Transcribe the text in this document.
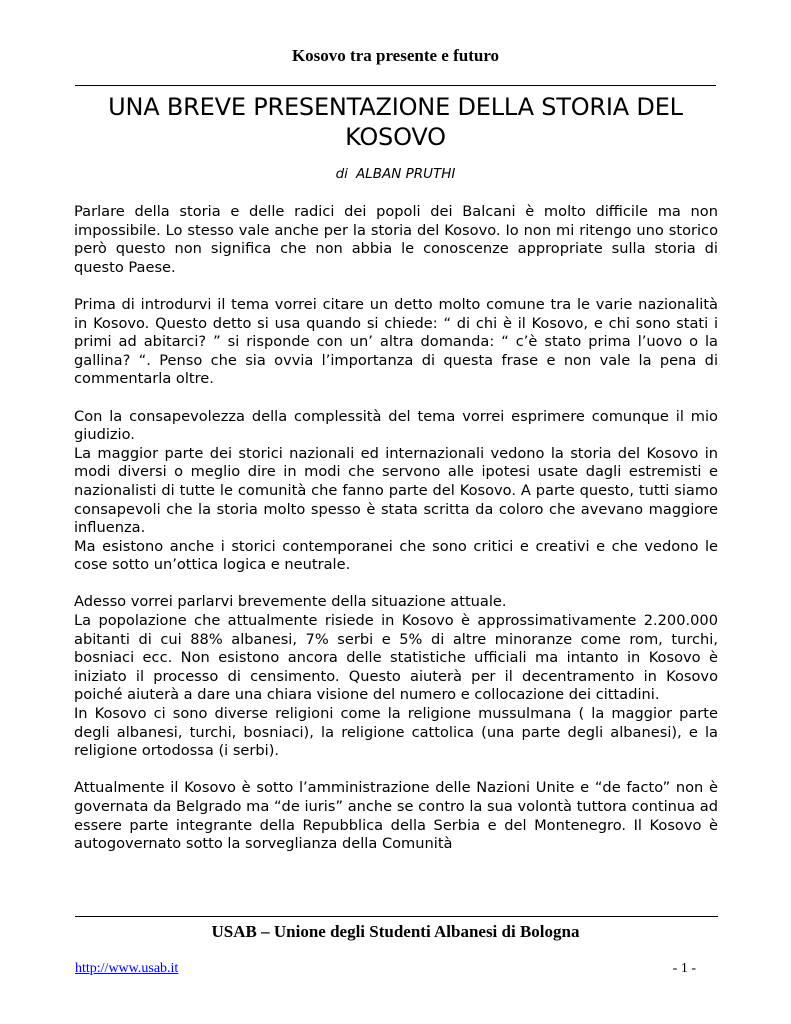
Kosovo tra presente e futuro
UNA BREVE PRESENTAZIONE DELLA STORIA DEL KOSOVO
di ALBAN PRUTHI

Parlare della storia e delle radici dei popoli dei Balcani è molto difficile ma non impossibile. Lo stesso vale anche per la storia del Kosovo. Io non mi ritengo uno storico però questo non significa che non abbia le conoscenze appropriate sulla storia di questo Paese.

Prima di introdurvi il tema vorrei citare un detto molto comune tra le varie nazionalità in Kosovo. Questo detto si usa quando si chiede: “ di chi è il Kosovo, e chi sono stati i primi ad abitarci? ” si risponde con un’ altra domanda: “ c’è stato prima l’uovo o la gallina? “. Penso che sia ovvia l’importanza di questa frase e non vale la pena di commentarla oltre.

Con la consapevolezza della complessità del tema vorrei esprimere comunque il mio giudizio.

La maggior parte dei storici nazionali ed internazionali vedono la storia del Kosovo in modi diversi o meglio dire in modi che servono alle ipotesi usate dagli estremisti e nazionalisti di tutte le comunità che fanno parte del Kosovo. A parte questo, tutti siamo consapevoli che la storia molto spesso è stata scritta da coloro che avevano maggiore influenza.

Ma esistono anche i storici contemporanei che sono critici e creativi e che vedono le cose sotto un’ottica logica e neutrale.

Adesso vorrei parlarvi brevemente della situazione attuale.

La popolazione che attualmente risiede in Kosovo è approssimativamente 2.200.000 abitanti di cui 88% albanesi, 7% serbi e 5% di altre minoranze come rom, turchi, bosniaci ecc. Non esistono ancora delle statistiche ufficiali ma intanto in Kosovo è iniziato il processo di censimento. Questo aiuterà per il decentramento in Kosovo poiché aiuterà a dare una chiara visione del numero e collocazione dei cittadini.

In Kosovo ci sono diverse religioni come la religione mussulmana ( la maggior parte degli albanesi, turchi, bosniaci), la religione cattolica (una parte degli albanesi), e la religione ortodossa (i serbi).

Attualmente il Kosovo è sotto l’amministrazione delle Nazioni Unite e “de facto” non è governata da Belgrado ma “de iuris” anche se contro la sua volontà tuttora continua ad essere parte integrante della Repubblica della Serbia e del Montenegro. Il Kosovo è autogovernato sotto la sorveglianza della Comunità

USAB – Unione degli Studenti Albanesi di Bologna
http://www.usab.it	- 1 -
